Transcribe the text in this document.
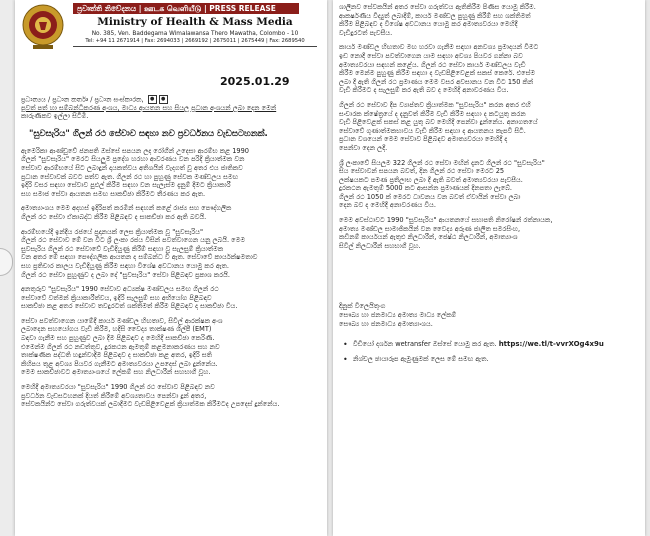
ප්‍රවෘත්ති නිවේදනය | ஊடக வெளியீடு | PRESS RELEASE
Ministry of Health & Mass Media
No. 385, Ven. Baddegama Wimalawansa Thero Mawatha, Colombo - 10
Tel: +94 11 2671914 | Fax: 2694033 | 2669192 | 2675011 | 2675449 | Fax: 2689540
2025.01.29
ප්‍රධාන්‍යය / ප්‍රධාන කර්තෘ / ප්‍රධාන සංස්කාරක, ● ●
පුවත් පත් හා සම්බන්ධීකරණ අංශය, මාධ්‍ය ආයතන සහ සියලු ප්‍රධාන අංශයන් ලබා දෙන මෙන්
කාරුණිකව ඉල්ලා සිටිමි.
"සුවසැරිය" ගිලන් රථ සේවාව සඳහා නව ප්‍රවර්ධනය වැඩසටහනක්.
ඇමෙරිකා ආණ්ඩුවේ ජනපති ඔස්සේ සපයන ලද රෝගීන් උදෙසා ආරම්භ කළ 1990
ගිලන් "සුවසැරිය" මෙරට සියලුම ප්‍රදේශ හරහා ආවරණය වන පරිදි ක්‍රියාත්මක වන
සේවාව ආරම්භයේ සිට ලබාදුන් දායකත්වය අතිශයින් වැදගත් වූ අතර එය ජාතිකව
ප්‍රධාන සේවාවක් බවට පත්ව ඇත. ගිලන් රථ හා පුහුණු සේවක මණ්ඩලය සමඟ
ඉදිරි වසර සඳහා සේවාව පුළුල් කිරීම සඳහා වන සැලැස්ම දැනුම් දීමට ක්‍රියාකාරී
සහ සමාජ සේවා ආයතන සමඟ සාකච්ඡා කිරීමට තීරණය කර ඇත.
අමාත්‍යාංශය මෙම අදහස් ඉදිරිපත් කරමින් සඳහන් කළේ රාජ්‍ය සහ පෞද්ගලික
ගිලන් රථ සේවා ඒකාබද්ධ කිරීම පිළිබඳව ද සාකච්ඡා කර ඇති බවයි.
ආරම්භයේදී ඉන්දීය රජයේ ප්‍රදානයක් ලෙස ක්‍රියාත්මක වූ "සුවසැරිය"
ගිලන් රථ සේවාව මේ වන විට ශ්‍රී ලංකා රජය විසින් පවත්වාගෙන යනු ලබයි. මෙම
සුවසැරිය ගිලන් රථ සේවාවේ වැඩිදියුණු කිරීම් සඳහා වූ සැලසුම් ක්‍රියාත්මක
වන අතර මේ සඳහා පෞද්ගලික ආයතන ද සම්බන්ධ වී ඇත. සේවාවේ කාර්යක්ෂමතාව
සහ ප්‍රතිචාර කාලය වැඩිදියුණු කිරීම සඳහා විශේෂ අවධානය යොමු කර ඇත.
ගිලන් රථ සේවා පුහුණුව ද ලබා දේ "සුවසැරිය" සේවා පිළිබඳව ප්‍රකාශ කරයි.
අනතුරුව "සුවසැරිය" 1990 සේවාව අධ්‍යක්ෂ මණ්ඩලය සමඟ ගිලන් රථ
සේවාවේ වත්මන් ක්‍රියාකාරීත්වය, ඉදිරි සැලසුම් සහ අභියෝග පිළිබඳව
සාකච්ඡා කළ අතර සේවාව තවදුරටත් ශක්තිමත් කිරීම පිළිබඳව ද සාකච්ඡා විය.
සේවා පවත්වාගෙන යාමේදී කාර්ය මණ්ඩල හිඟතාව, සිවිල් ආරක්ෂක අංශ
ලබාදෙන සහයෝගය වැඩි කිරීම, හදිසි වෛද්‍ය තාක්ෂණ ශිල්පී (EMT)
බඳවා ගැනීම සහ පුහුණුව ලබා දීම පිළිබඳව ද මෙහිදී සාකච්ඡා කෙරිණි.
එමෙන්ම ගිලන් රථ නඩත්තුව, දුරකථන ඇමතුම් කළමනාකරණය සහ නව
තාක්ෂණික පද්ධති හඳුන්වාදීම පිළිබඳව ද සාකච්ඡා කළ අතර, ඉදිරි සති
කිහිපය තුළ අවශ්‍ය පියවර ගැනීමට අමාත්‍යවරයා උපදෙස් ලබා දුන්නේය.
මෙම සාකච්ඡාවට අමාත්‍යාංශයේ ලේකම් සහ නිලධාරීන් සහභාගී වූහ.
මෙහිදී අමාත්‍යවරයා "සුවසැරිය" 1990 ගිලන් රථ සේවාව පිළිබඳව නව
ප්‍රවර්ධන වැඩසටහනක් දියත් කිරීමේ අවශ්‍යතාවය පෙන්වා දුන් අතර,
සේවකයින්ට සේවා ගරුත්වයක් ලබාදීමට වැඩපිළිවෙළක් ක්‍රියාත්මක කිරීමටද උපදෙස් දුන්නේය.
ශාලීනව සේවකයින් අතර සේවා ගරුත්වය ඇතිකිරීම පිණිස යොමු කිරීම.
ආකර්ෂණීය විද්‍යුත් ලබාදීම්, කාර්ය මණ්ඩල පුහුණු කිරීම් සහ ශක්තිමත්
කිරීම පිළිබඳව ද විශේෂ අවධානය යොමු කර අමාත්‍යවරයා මෙහිදී
වැඩිදුරටත් පැවසීය.
කාර්ය මණ්ඩල හිඟතාව මඟ හරවා ගැනීම සඳහා අනවශ්‍ය ප්‍රමාදයන් වීමට
ඉඩ නොදී සේවා පවත්වාගෙන යාම සඳහා අවශ්‍ය පියවර ගන්නා බව
අමාත්‍යවරයා සඳහන් කළේය. ගිලන් රථ සේවා කාර්ය මණ්ඩලය වැඩි
කිරීම මෙන්ම පුහුණු කිරීම සඳහා ද වැඩපිළිවෙළක් සකස් කෙරේ. එසේම
ලබා දී ඇති ගිලන් රථ ප්‍රමාණය මෙම වසර අවසානය වන විට 150 කින්
වැඩි කිරීමට ද සැලසුම් කර ඇති බව ද මෙහිදී අනාවරණය විය.
ගිලන් රථ සේවාව දීප ව්‍යාප්තව ක්‍රියාත්මක "සුවසැරිය" කරන අතර එහි
සංචාරක ක්ෂේත්‍රයේ ද දැනුවත් කිරීම වැඩි කිරීම සඳහා ද කටයුතු කරන
වැඩි පිළිවෙළක් සකස් කළ යුතු බව මෙහිදී පෙන්වා දුන්නේය. අනාගතයේ
සේවාවේ ගුණාත්මකභාවය වැඩි කිරීම සඳහා ද ආයතනය කැපවී සිටී.
ප්‍රධාන වශයෙන් මෙම සේවාව පිළිබඳව අමාත්‍යවරයා මෙහිදී ද
පෙන්වා දෙන ලදී.
ශ්‍රී ලංකාවේ සියලුම 322 ගිලන් රථ සේවා මඟින් දැනට ගිලන් රථ "සුවසැරිය"
සිය සේවාවන් සපයන බවත්, දින ගිලන් රථ සේවා මෙරට 25
ලක්ෂයකට පමණ ප්‍රතිලාභ ලබා දී ඇති බවත් අමාත්‍යවරයා පැවසීය.
දුරකථන ඇමතුම් 5000 කට ආසන්න ප්‍රමාණයක් දිනපතා ලැබේ.
ගිලන් රථ 1050 ක් මෙරට ධාවනය වන බවත් ඒවායින් සේවා ලබා
දෙන බව ද මෙහිදී අනාවරණය විය.
මෙම අවස්ථාවට 1990 "සුවසැරිය" ආයතනයේ සභාපති නිරෝෂන් රත්නායක,
අමාත්‍ය මණ්ඩල සාමාජිකයින් වන වෛද්‍ය අරුණ ජාලිත සමරසිංහ,
කඩිනම් කාර්යයන් ඇතුළු නිලධාරීන්, ජෙෂ්ඨ නිලධාරීන්, අමාත්‍යාංශ
සිවිල් නිලධාරීන් සහභාගී වූහ.
දිනුක් විලෙයිතුංග
සෞඛ්‍ය හා ජනමාධ්‍ය අමාත්‍ය මාධ්‍ය ලේකම්
සෞඛ්‍ය හා ජනමාධ්‍ය අමාත්‍යාංශය.
• වීඩියෝ දර්ශන wetransfer ඔස්සේ යොමු කර ඇත. https://we.tl/t-vvrXOg4x9u
• නිශ්චල ඡායාරූප ඇමුණුමක් ලෙස මේ සමඟ ඇත.
